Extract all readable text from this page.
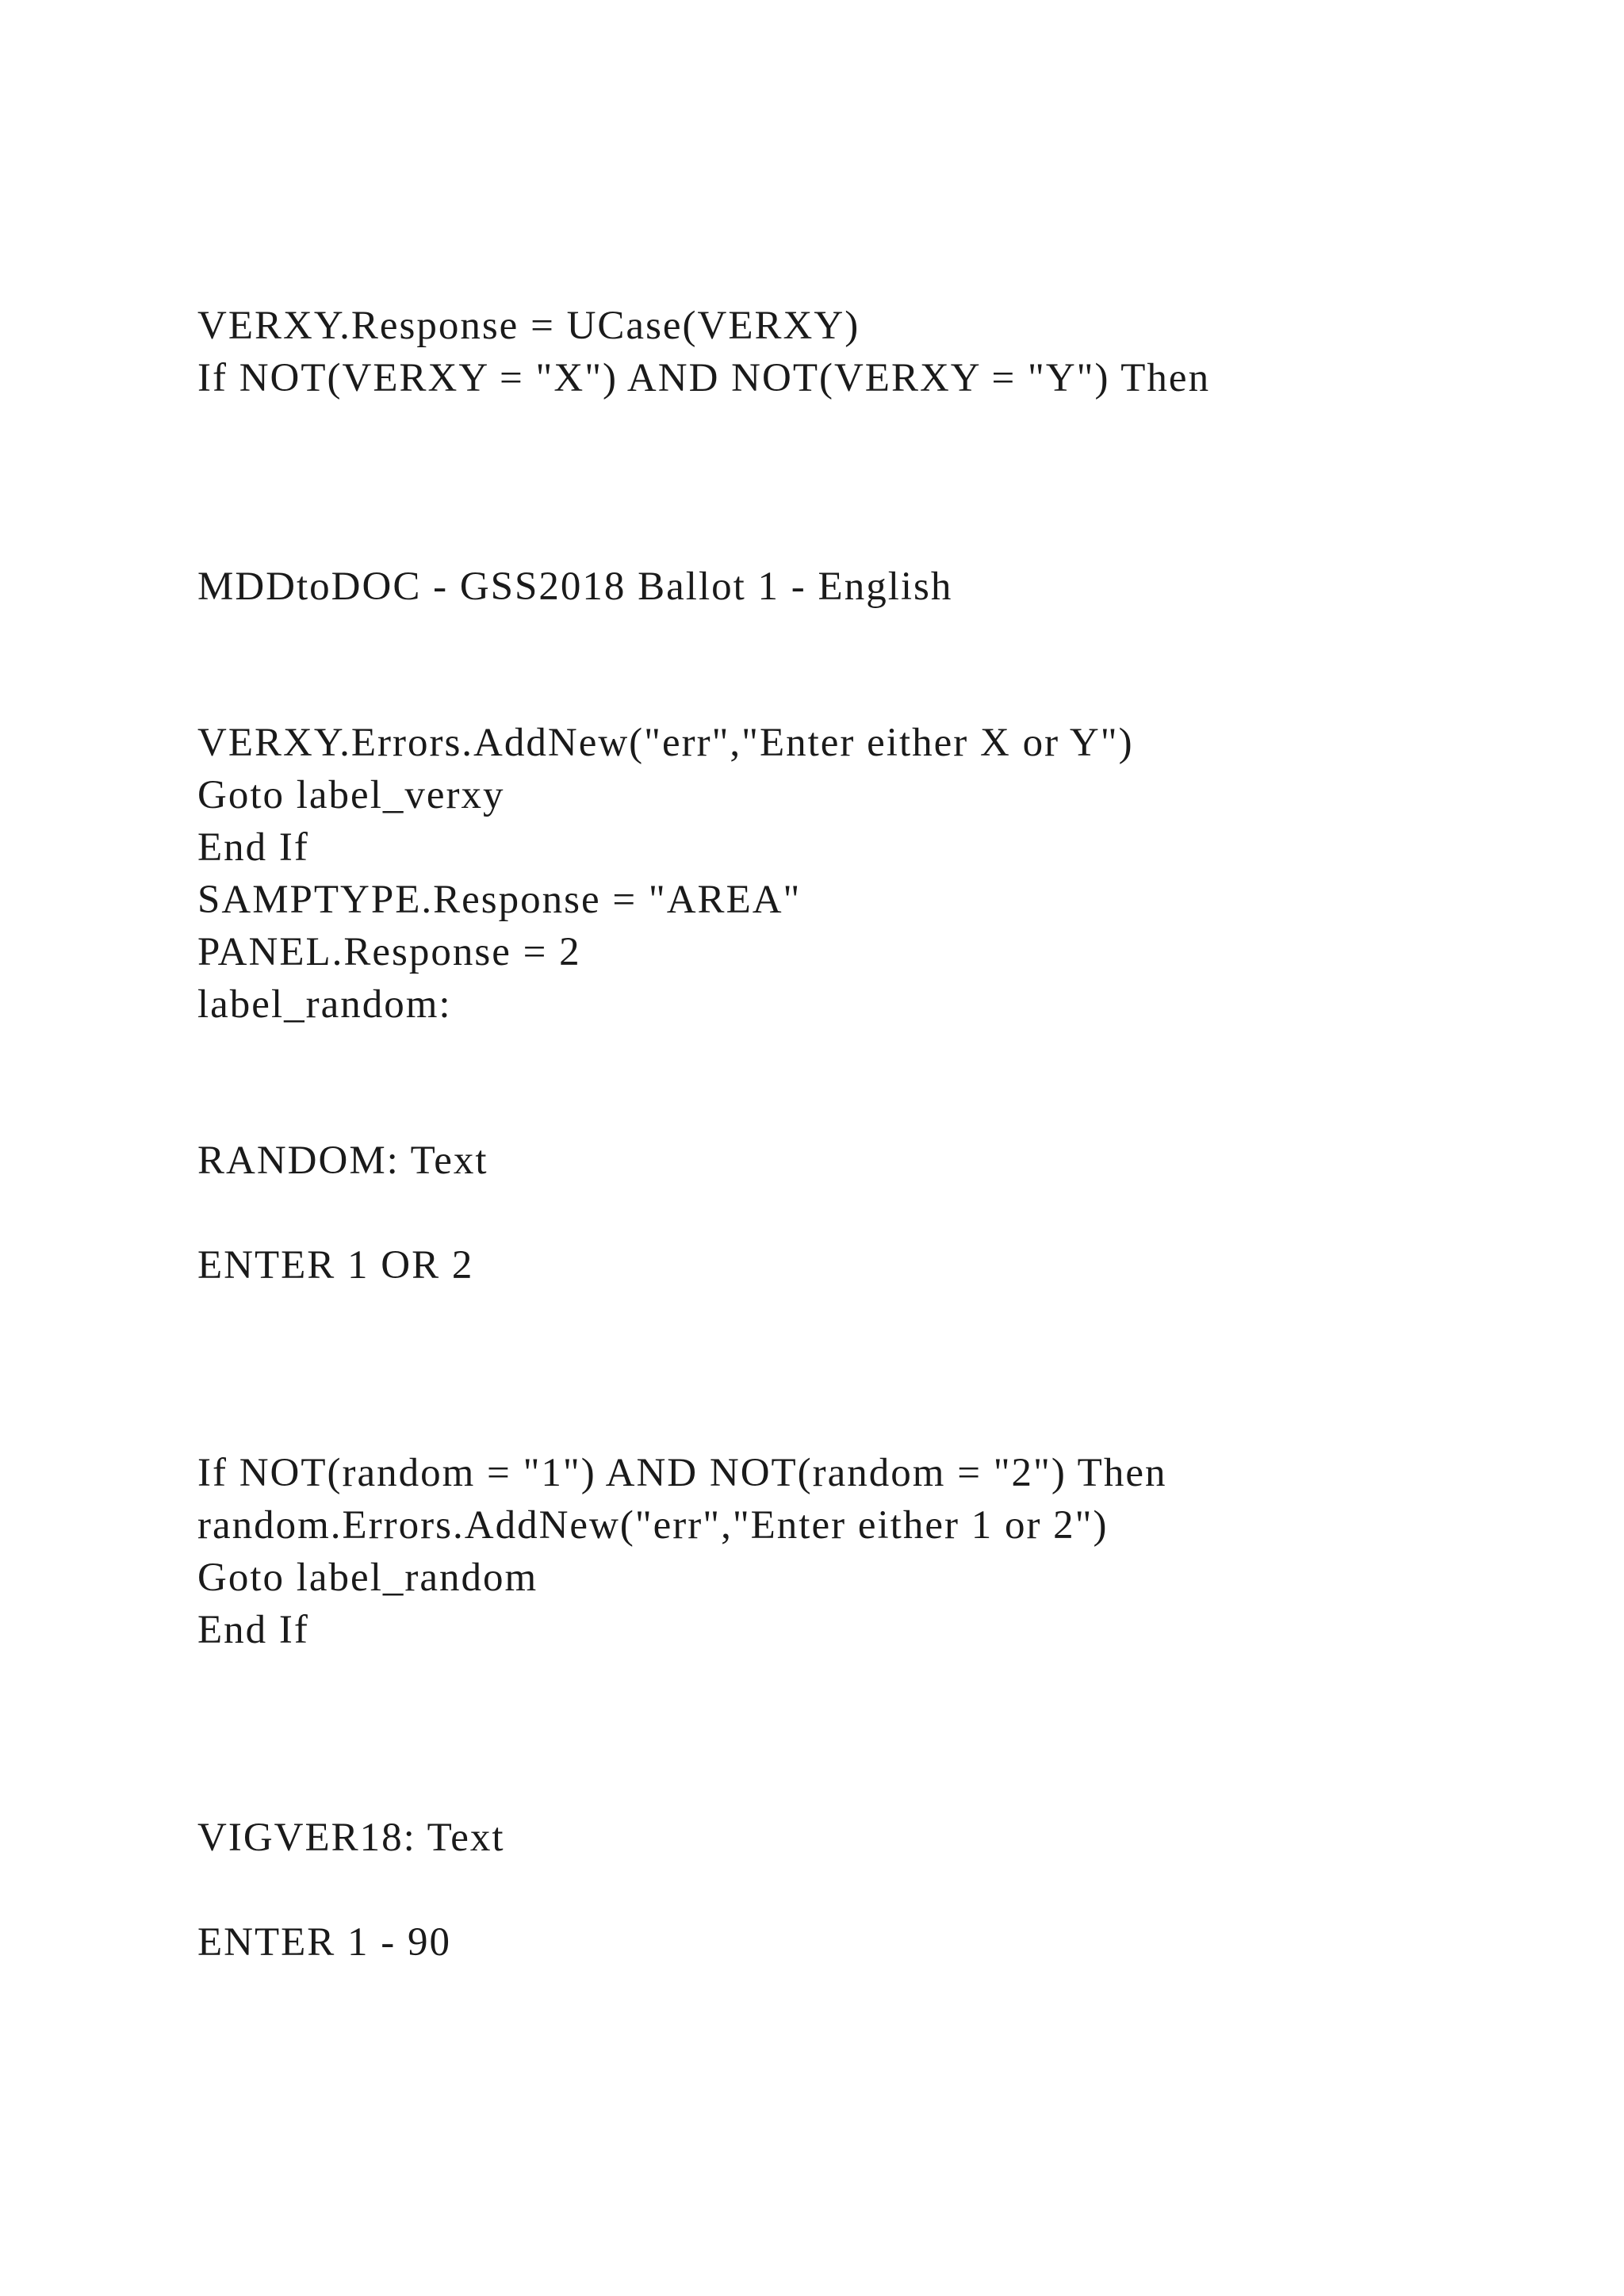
VERXY.Response = UCase(VERXY)
If NOT(VERXY = "X") AND NOT(VERXY = "Y") Then
MDDtoDOC - GSS2018 Ballot 1 - English
VERXY.Errors.AddNew("err","Enter either X or Y")
Goto label_verxy
End If
SAMPTYPE.Response = "AREA"
PANEL.Response = 2
label_random:
RANDOM: Text
ENTER 1 OR 2
If NOT(random = "1") AND NOT(random = "2") Then
random.Errors.AddNew("err","Enter either 1 or 2")
Goto label_random
End If
VIGVER18: Text
ENTER 1 - 90
